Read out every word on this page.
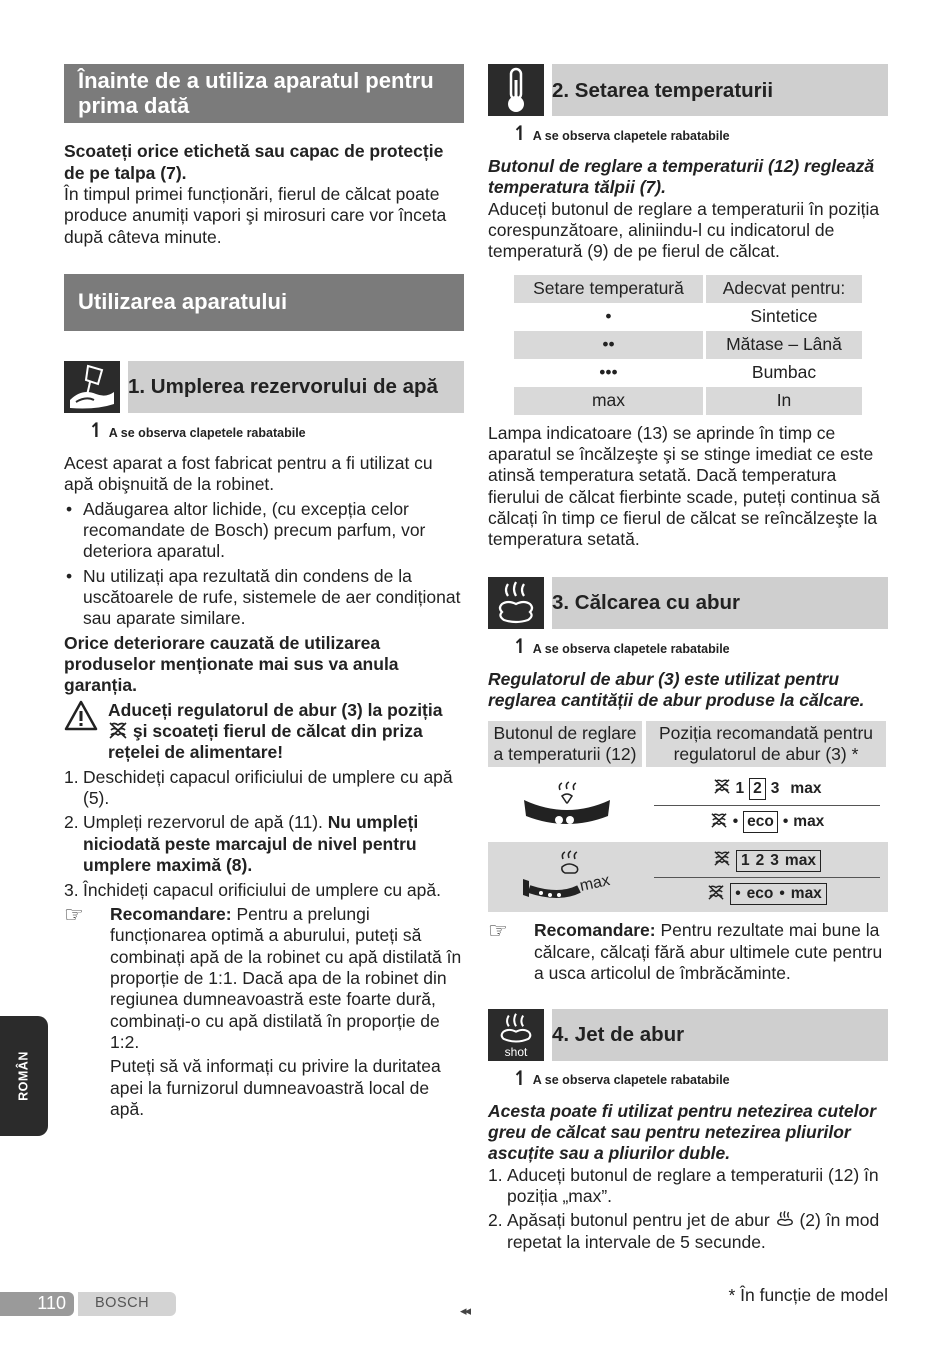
Înainte de a utiliza aparatul pentru prima dată

Scoateți orice etichetă sau capac de protecție de pe talpa (7).

În timpul primei funcționări, fierul de călcat poate produce anumiți vapori şi mirosuri care vor înceta după câteva minute.

Utilizarea aparatului
1. Umplerea rezervorului de apă
↿ A se observa clapetele rabatabile

Acest aparat a fost fabricat pentru a fi utilizat cu apă obişnuită de la robinet.

• Adăugarea altor lichide, (cu excepția celor recomandate de Bosch) precum parfum, vor deteriora aparatul.
• Nu utilizați apa rezultată din condens de la uscătoarele de rufe, sistemele de aer condiționat sau aparate similare.

Orice deteriorare cauzată de utilizarea produselor menționate mai sus va anula garanția.

Aduceți regulatorul de abur (3) la poziția
şi scoateți fierul de călcat din priza rețelei de alimentare!

1. Deschideți capacul orificiului de umplere cu apă (5).
2. Umpleți rezervorul de apă (11). Nu umpleți niciodată peste marcajul de nivel pentru umplere maximă (8).
3. Închideți capacul orificiului de umplere cu apă.
☞	Recomandare: Pentru a prelungi funcționarea optimă a aburului, puteți să combinați apă de la robinet cu apă distilată în proporție de 1:1. Dacă apa de la robinet din regiunea dumneavoastră este foarte dură, combinați-o cu apă distilată în proporție de 1:2.

Puteți să vă informați cu privire la duritatea apei la furnizorul dumneavoastră local de apă.

2. Setarea temperaturii
↿ A se observa clapetele rabatabile

Butonul de reglare a temperaturii (12) reglează temperatura tălpii (7).

Aduceți butonul de reglare a temperaturii în poziția corespunzătoare, aliniindu-l cu indicatorul de temperatură (9) de pe fierul de călcat.

Setare temperatură	Adecvat pentru:
•	Sintetice
••	Mătase – Lână
•••	Bumbac
max	In

Lampa indicatoare (13) se aprinde în timp ce aparatul se încălzeşte şi se stinge imediat ce este atinsă temperatura setată. Dacă temperatura fierului de călcat fierbinte scade, puteți continua să călcați în timp ce fierul de călcat se reîncălzeşte la temperatura setată.

3. Călcarea cu abur
↿ A se observa clapetele rabatabile

Regulatorul de abur (3) este utilizat pentru reglarea cantității de abur produse la călcare.

Butonul de reglare a temperaturii (12)	Poziția recomandată pentru regulatorul de abur (3) *
1 2 3 max
• eco • max
max
1 2 3 max
• eco • max
☞	Recomandare: Pentru rezultate mai bune la călcare, călcați fără abur ultimele cute pentru a usca articolul de îmbrăcăminte.

shot
4. Jet de abur
↿ A se observa clapetele rabatabile

Acesta poate fi utilizat pentru netezirea cutelor greu de călcat sau pentru netezirea pliurilor ascuțite sau a pliurilor duble.

1. Aduceți butonul de reglare a temperaturii (12) în poziția „max”.
2. Apăsați butonul pentru jet de abur (2) în mod repetat la intervale de 5 secunde.
ROMÂN
110	BOSCH	◂◂
* În funcție de model
